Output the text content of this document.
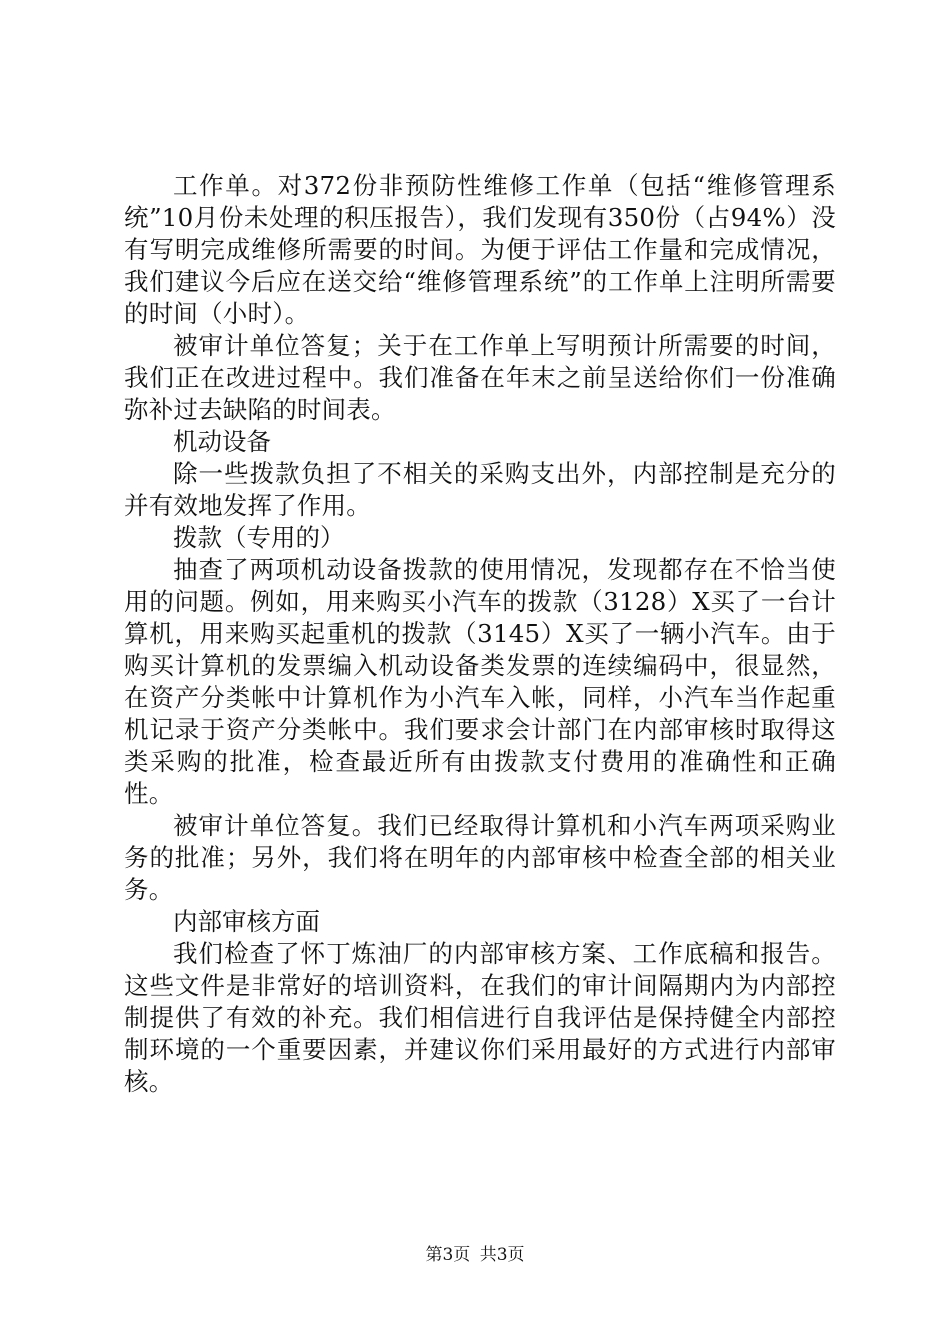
工作单。对372份非预防性维修工作单（包括“维修管理系统”10月份未处理的积压报告），我们发现有350份（占94%）没有写明完成维修所需要的时间。为便于评估工作量和完成情况，我们建议今后应在送交给“维修管理系统”的工作单上注明所需要的时间（小时）。

被审计单位答复；关于在工作单上写明预计所需要的时间，我们正在改进过程中。我们准备在年末之前呈送给你们一份准确弥补过去缺陷的时间表。

机动设备

除一些拨款负担了不相关的采购支出外，内部控制是充分的并有效地发挥了作用。

拨款（专用的）

抽查了两项机动设备拨款的使用情况，发现都存在不恰当使用的问题。例如，用来购买小汽车的拨款（3128）X买了一台计算机，用来购买起重机的拨款（3145）X买了一辆小汽车。由于购买计算机的发票编入机动设备类发票的连续编码中，很显然，在资产分类帐中计算机作为小汽车入帐，同样，小汽车当作起重机记录于资产分类帐中。我们要求会计部门在内部审核时取得这类采购的批准，检查最近所有由拨款支付费用的准确性和正确性。

被审计单位答复。我们已经取得计算机和小汽车两项采购业务的批准；另外，我们将在明年的内部审核中检查全部的相关业务。

内部审核方面

我们检查了怀丁炼油厂的内部审核方案、工作底稿和报告。这些文件是非常好的培训资料，在我们的审计间隔期内为内部控制提供了有效的补充。我们相信进行自我评估是保持健全内部控制环境的一个重要因素，并建议你们采用最好的方式进行内部审核。

第3页 共3页
